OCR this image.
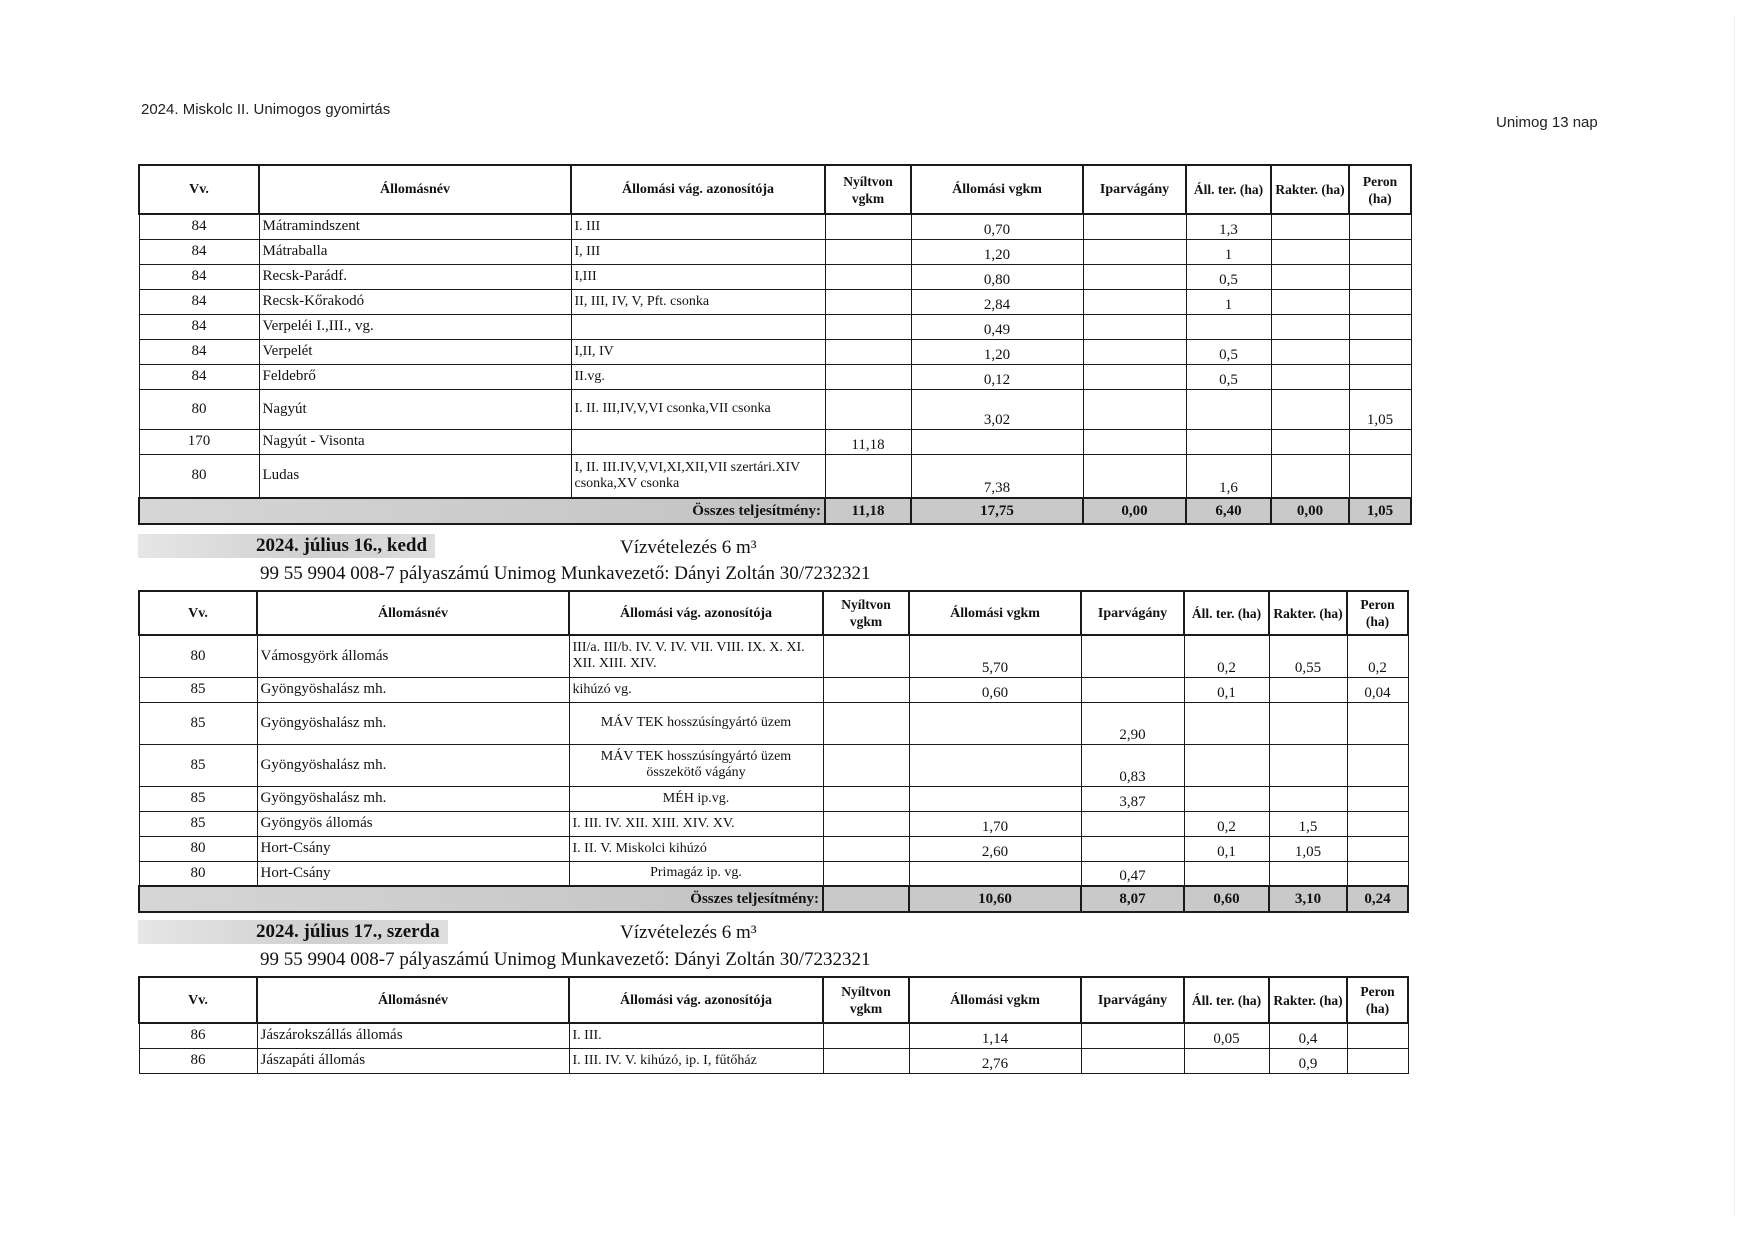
2024. Miskolc II. Unimogos gyomirtás
Unimog 13 nap
Vv.	Állomásnév	Állomási vág. azonosítója	Nyíltvon vgkm	Állomási vgkm	Iparvágány	Áll. ter. (ha)	Rakter. (ha)	Peron (ha)
84	Mátramindszent	I. III		0,70		1,3		
84	Mátraballa	I, III		1,20		1		
84	Recsk-Parádf.	I,III		0,80		0,5		
84	Recsk-Kőrakodó	II, III, IV, V, Pft. csonka		2,84		1		
84	Verpeléi I.,III., vg.			0,49				
84	Verpelét	I,II, IV		1,20		0,5		
84	Feldebrő	II.vg.		0,12		0,5		
80	Nagyút	I. II. III,IV,V,VI csonka,VII csonka		3,02				1,05
170	Nagyút - Visonta		11,18					
80	Ludas	I, II. III.IV,V,VI,XI,XII,VII szertári.XIV csonka,XV csonka		7,38		1,6		
Összes teljesítmény:			11,18	17,75	0,00	6,40	0,00	1,05
2024. július 16., kedd	Vízvételezés 6 m³
99 55 9904 008-7 pályaszámú Unimog Munkavezető: Dányi Zoltán 30/7232321
Vv.	Állomásnév	Állomási vág. azonosítója	Nyíltvon vgkm	Állomási vgkm	Iparvágány	Áll. ter. (ha)	Rakter. (ha)	Peron (ha)
80	Vámosgyörk állomás	III/a. III/b. IV. V. IV. VII. VIII. IX. X. XI. XII. XIII. XIV.		5,70		0,2	0,55	0,2
85	Gyöngyöshalász mh.	kihúzó vg.		0,60		0,1		0,04
85	Gyöngyöshalász mh.	MÁV TEK hosszúsíngyártó üzem			2,90			
85	Gyöngyöshalász mh.	MÁV TEK hosszúsíngyártó üzem összekötő vágány			0,83			
85	Gyöngyöshalász mh.	MÉH ip.vg.			3,87			
85	Gyöngyös állomás	I. III. IV. XII. XIII. XIV. XV.		1,70		0,2	1,5	
80	Hort-Csány	I. II. V. Miskolci kihúzó		2,60		0,1	1,05	
80	Hort-Csány	Primagáz ip. vg.			0,47			
Összes teljesítmény:				10,60	8,07	0,60	3,10	0,24
2024. július 17., szerda	Vízvételezés 6 m³
99 55 9904 008-7 pályaszámú Unimog Munkavezető: Dányi Zoltán 30/7232321
Vv.	Állomásnév	Állomási vág. azonosítója	Nyíltvon vgkm	Állomási vgkm	Iparvágány	Áll. ter. (ha)	Rakter. (ha)	Peron (ha)
86	Jászárokszállás állomás	I. III.		1,14		0,05	0,4	
86	Jászapáti állomás	I. III. IV. V. kihúzó, ip. I, fűtőház		2,76			0,9	
